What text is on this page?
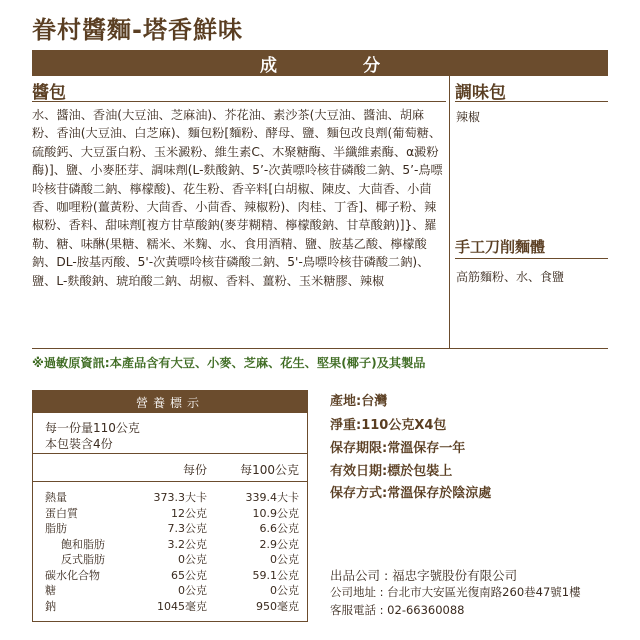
眷村醬麵-塔香鮮味
成分
醬包	調味包

水、醬油、香油(大豆油、芝麻油)、芥花油、素沙茶(大豆油、醬油、胡麻粉、香油(大豆油、白芝麻)、麵包粉[麵粉、酵母、鹽、麵包改良劑(葡萄糖、硫酸鈣、大豆蛋白粉、玉米澱粉、維生素C、木聚糖酶、半纖維素酶、α澱粉酶)]、鹽、小麥胚芽、調味劑(L-麩酸鈉、5’-次黃嘌呤核苷磷酸二鈉、5’-鳥嘌呤核苷磷酸二鈉、檸檬酸)、花生粉、香辛料[白胡椒、陳皮、大茴香、小茴香、咖哩粉(薑黃粉、大茴香、小茴香、辣椒粉)、肉桂、丁香]、椰子粉、辣椒粉、香料、甜味劑[複方甘草酸鈉(麥芽糊精、檸檬酸鈉、甘草酸鈉)]}、羅勒、糖、味醂(果糖、糯米、米麴、水、食用酒精、鹽、胺基乙酸、檸檬酸鈉、DL-胺基丙酸、5'-次黃嘌呤核苷磷酸二鈉、5'-鳥嘌呤核苷磷酸二鈉)、鹽、L-麩酸鈉、琥珀酸二鈉、胡椒、香料、薑粉、玉米糖膠、辣椒

辣椒
手工刀削麵體
高筋麵粉、水、食鹽
※過敏原資訊:本產品含有大豆、小麥、芝麻、花生、堅果(椰子)及其製品
營養標示
每一份量110公克
本包裝含4份
每份	每100公克
熱量	373.3大卡	339.4大卡
蛋白質	12公克	10.9公克
脂肪	7.3公克	6.6公克
飽和脂肪	3.2公克	2.9公克
反式脂肪	0公克	0公克
碳水化合物	65公克	59.1公克
糖	0公克	0公克
鈉	1045毫克	950毫克
產地:台灣
淨重:110公克X4包
保存期限:常溫保存一年
有效日期:標於包裝上
保存方式:常溫保存於陰涼處
出品公司 : 福忠字號股份有限公司
公司地址 : 台北市大安區光復南路260巷47號1樓
客服電話 : 02-66360088
